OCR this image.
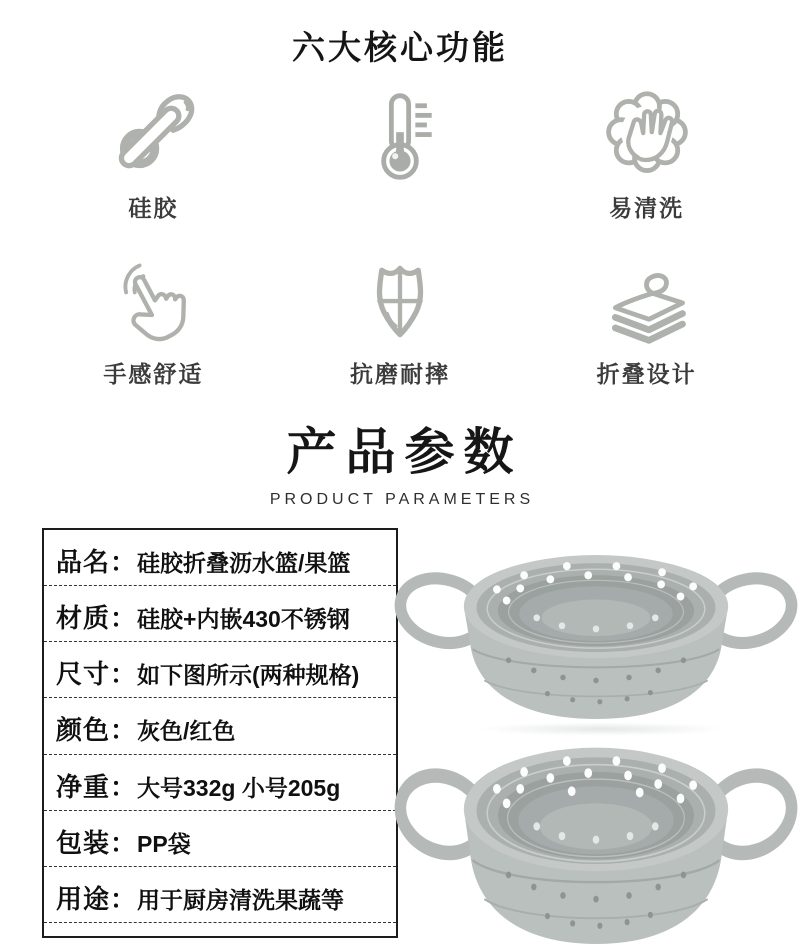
六大核心功能
硅胶	易清洗
手感舒适	抗磨耐摔	折叠设计
产品参数
PRODUCT PARAMETERS
品名： 硅胶折叠沥水篮/果篮
材质： 硅胶+内嵌430不锈钢
尺寸： 如下图所示(两种规格)
颜色： 灰色/红色
净重： 大号332g 小号205g
包装： PP袋
用途： 用于厨房清洗果蔬等
